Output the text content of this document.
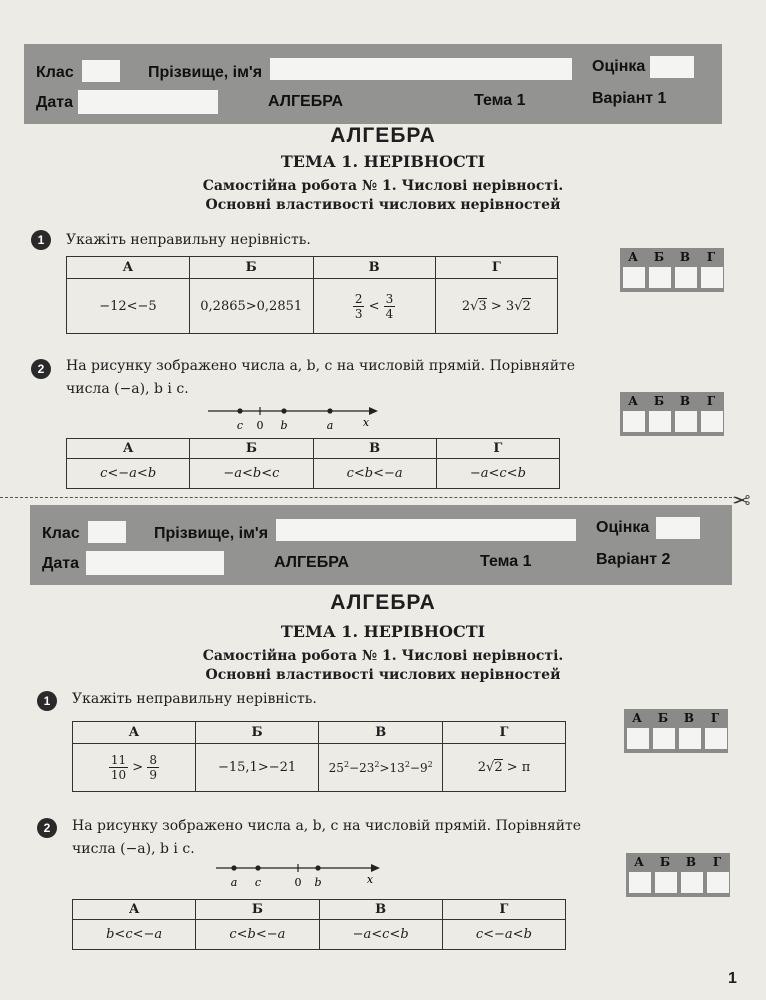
Клас	Прізвище, ім'я	Оцінка
Дата	АЛГЕБРА	Тема 1	Варіант 1
АЛГЕБРА
ТЕМА 1. НЕРІВНОСТІ
Самостійна робота № 1. Числові нерівності.
Основні властивості числових нерівностей
1	Укажіть неправильну нерівність.
А	Б	В	Г
−12<−5	0,2865>0,2851	$\frac{2}{3} < \frac{3}{4}$	2√3 > 3√2
А	Б	В	Г
2	На рисунку зображено числа a, b, c на числовій прямій. Порівняйте
числа (−a), b і c.
c 0 b	a	x
А	Б	В	Г
c<−a<b	−a<b<c	c<b<−a	−a<c<b
А	Б	В	Г
✂
Клас	Прізвище, ім'я	Оцінка
Дата	АЛГЕБРА	Тема 1	Варіант 2
АЛГЕБРА
ТЕМА 1. НЕРІВНОСТІ
Самостійна робота № 1. Числові нерівності.
Основні властивості числових нерівностей
1	Укажіть неправильну нерівність.
А	Б	В	Г

$\frac{11}{10} > \frac{8}{9}$	−15,1>−21	$25^2-23^2>13^2-9^2$	2√2 > π
А	Б	В	Г
2	На рисунку зображено числа a, b, c на числовій прямій. Порівняйте
числа (−a), b і c.
a c	0 b	x
А	Б	В	Г
b<c<−a	c<b<−a	−a<c<b	c<−a<b
А	Б	В	Г
1
